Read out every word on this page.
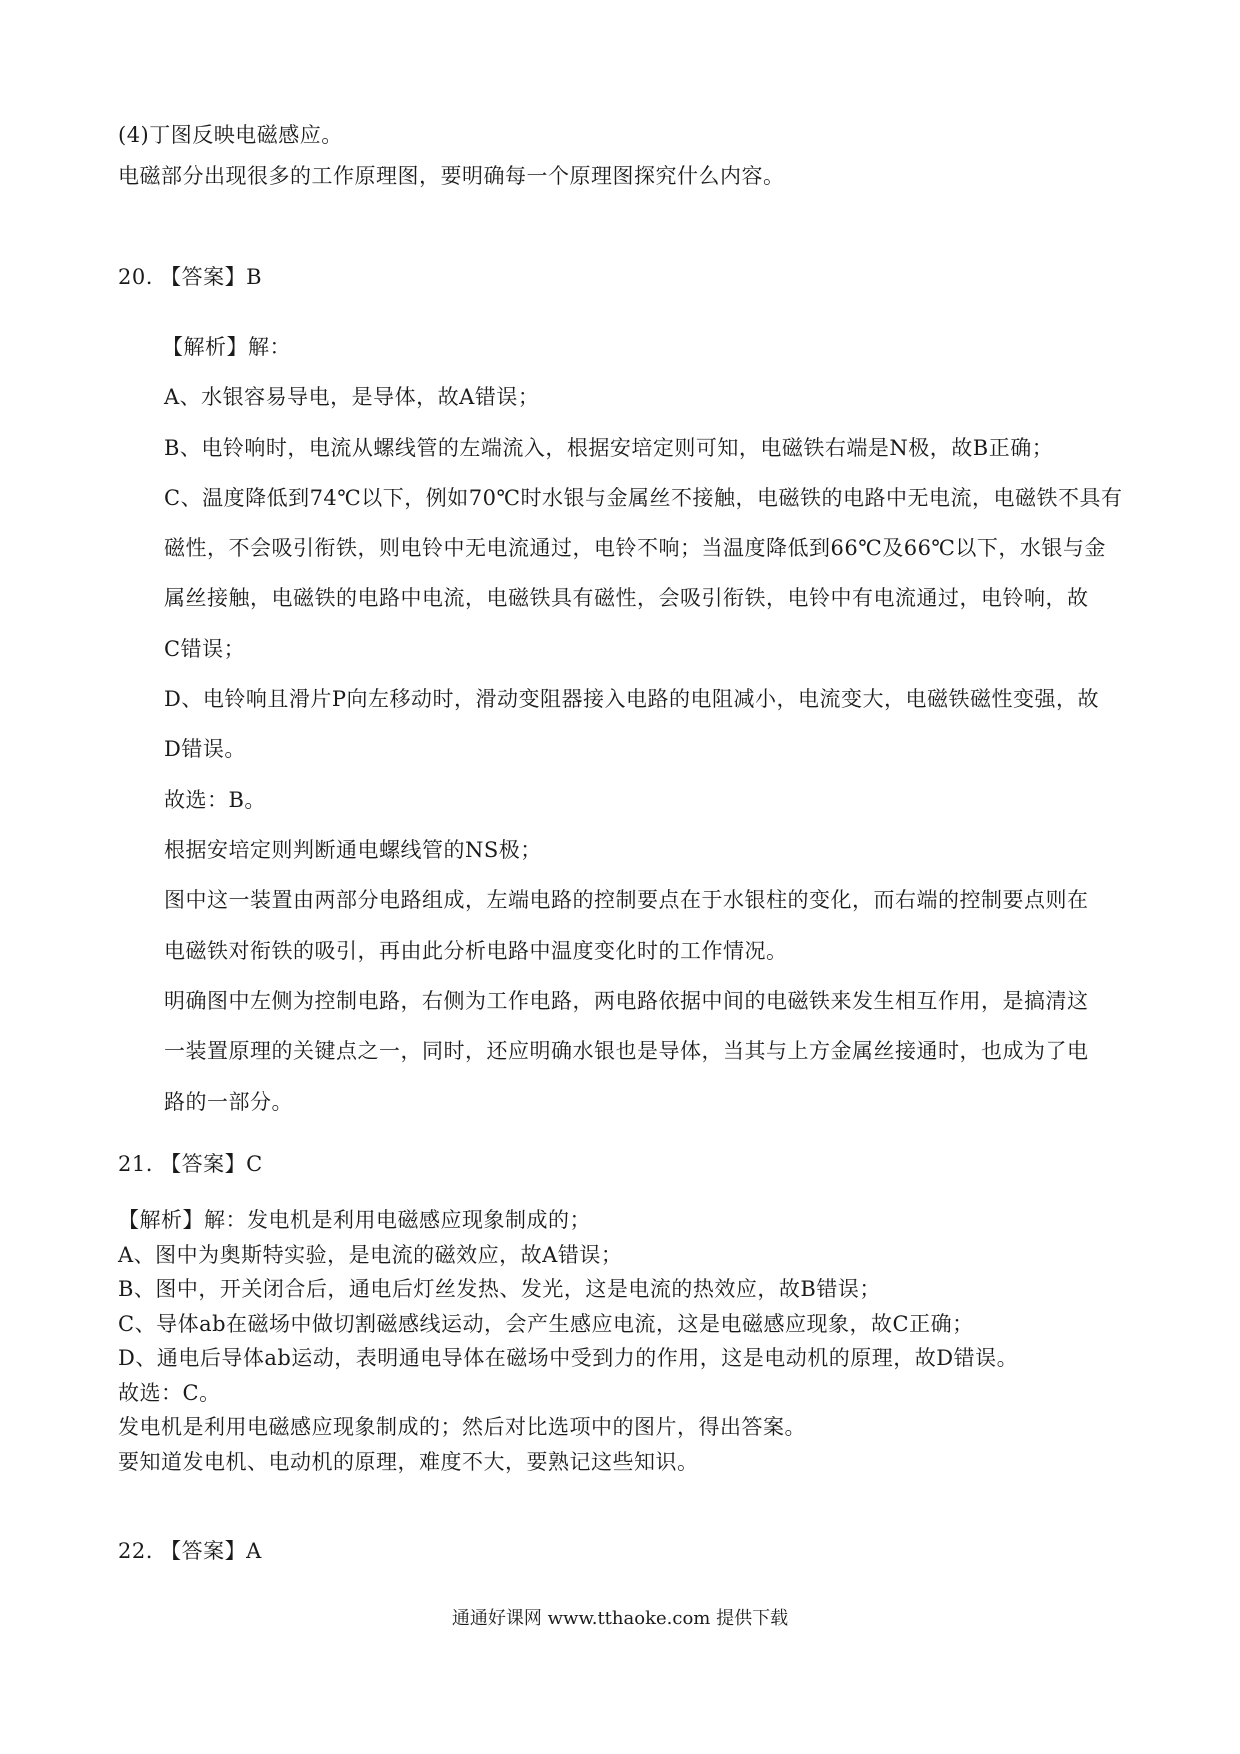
(4)丁图反映电磁感应。
电磁部分出现很多的工作原理图，要明确每一个原理图探究什么内容。
20. 【答案】B
【解析】解：
A、水银容易导电，是导体，故A错误；
B、电铃响时，电流从螺线管的左端流入，根据安培定则可知，电磁铁右端是N极，故B正确；
C、温度降低到74℃以下，例如70℃时水银与金属丝不接触，电磁铁的电路中无电流，电磁铁不具有
磁性，不会吸引衔铁，则电铃中无电流通过，电铃不响；当温度降低到66℃及66℃以下，水银与金
属丝接触，电磁铁的电路中电流，电磁铁具有磁性，会吸引衔铁，电铃中有电流通过，电铃响，故
C错误；
D、电铃响且滑片P向左移动时，滑动变阻器接入电路的电阻减小，电流变大，电磁铁磁性变强，故
D错误。
故选：B。
根据安培定则判断通电螺线管的NS极；
图中这一装置由两部分电路组成，左端电路的控制要点在于水银柱的变化，而右端的控制要点则在
电磁铁对衔铁的吸引，再由此分析电路中温度变化时的工作情况。
明确图中左侧为控制电路，右侧为工作电路，两电路依据中间的电磁铁来发生相互作用，是搞清这
一装置原理的关键点之一，同时，还应明确水银也是导体，当其与上方金属丝接通时，也成为了电
路的一部分。
21. 【答案】C
【解析】解：发电机是利用电磁感应现象制成的；
A、图中为奥斯特实验，是电流的磁效应，故A错误；
B、图中，开关闭合后，通电后灯丝发热、发光，这是电流的热效应，故B错误；
C、导体ab在磁场中做切割磁感线运动，会产生感应电流，这是电磁感应现象，故C正确；
D、通电后导体ab运动，表明通电导体在磁场中受到力的作用，这是电动机的原理，故D错误。
故选：C。
发电机是利用电磁感应现象制成的；然后对比选项中的图片，得出答案。
要知道发电机、电动机的原理，难度不大，要熟记这些知识。
22. 【答案】A
通通好课网 www.tthaoke.com 提供下载
